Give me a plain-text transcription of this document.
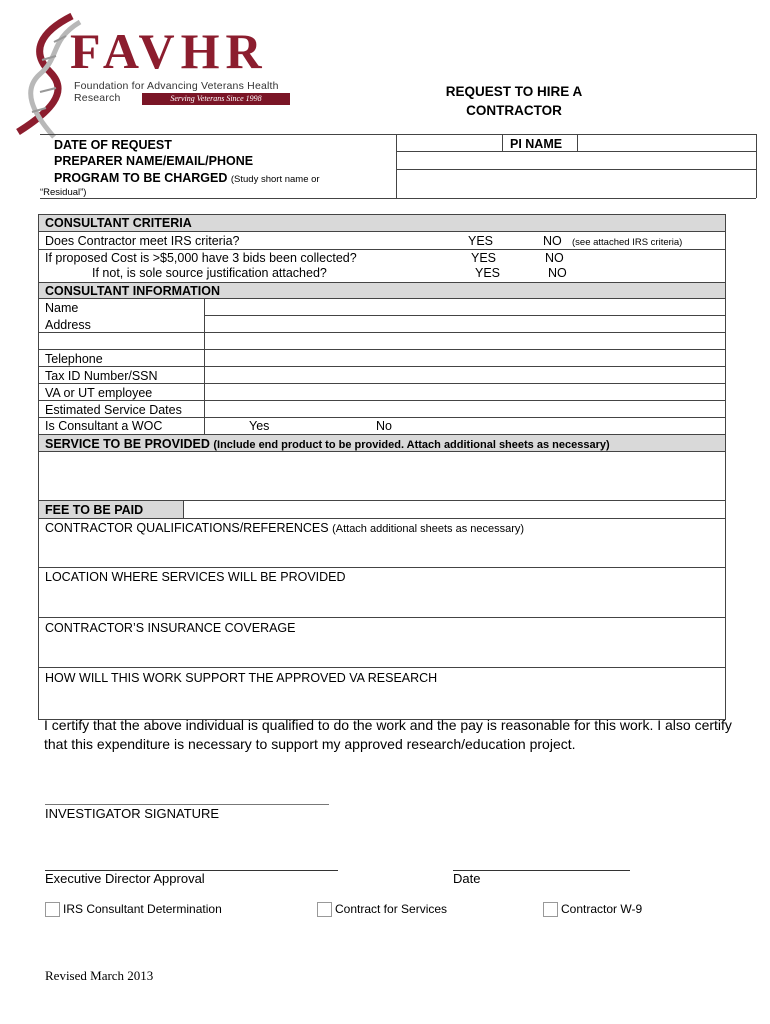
FAVHR
Foundation for Advancing Veterans Health Research	Serving Veterans Since 1998	REQUEST TO HIRE A
CONTRACTOR
DATE OF REQUEST	PI NAME
PREPARER NAME/EMAIL/PHONE
PROGRAM TO BE CHARGED (Study short name or
“Residual”)
CONSULTANT CRITERIA
Does Contractor meet IRS criteria?	YES	NO (see attached IRS criteria)
If proposed Cost is >$5,000 have 3 bids been collected?	YES	NO
If not, is sole source justification attached?	YES	NO
CONSULTANT INFORMATION
Name
Address
Telephone
Tax ID Number/SSN
VA or UT employee
Estimated Service Dates
Is Consultant a WOC	Yes	No
SERVICE TO BE PROVIDED (Include end product to be provided. Attach additional sheets as necessary)
FEE TO BE PAID
CONTRACTOR QUALIFICATIONS/REFERENCES (Attach additional sheets as necessary)
LOCATION WHERE SERVICES WILL BE PROVIDED
CONTRACTOR’S INSURANCE COVERAGE
HOW WILL THIS WORK SUPPORT THE APPROVED VA RESEARCH
I certify that the above individual is qualified to do the work and the pay is reasonable for this work. I also certify that this expenditure is necessary to support my approved research/education project.
INVESTIGATOR SIGNATURE
Executive Director Approval	Date
IRS Consultant Determination	Contract for Services	Contractor W-9
Revised March 2013
